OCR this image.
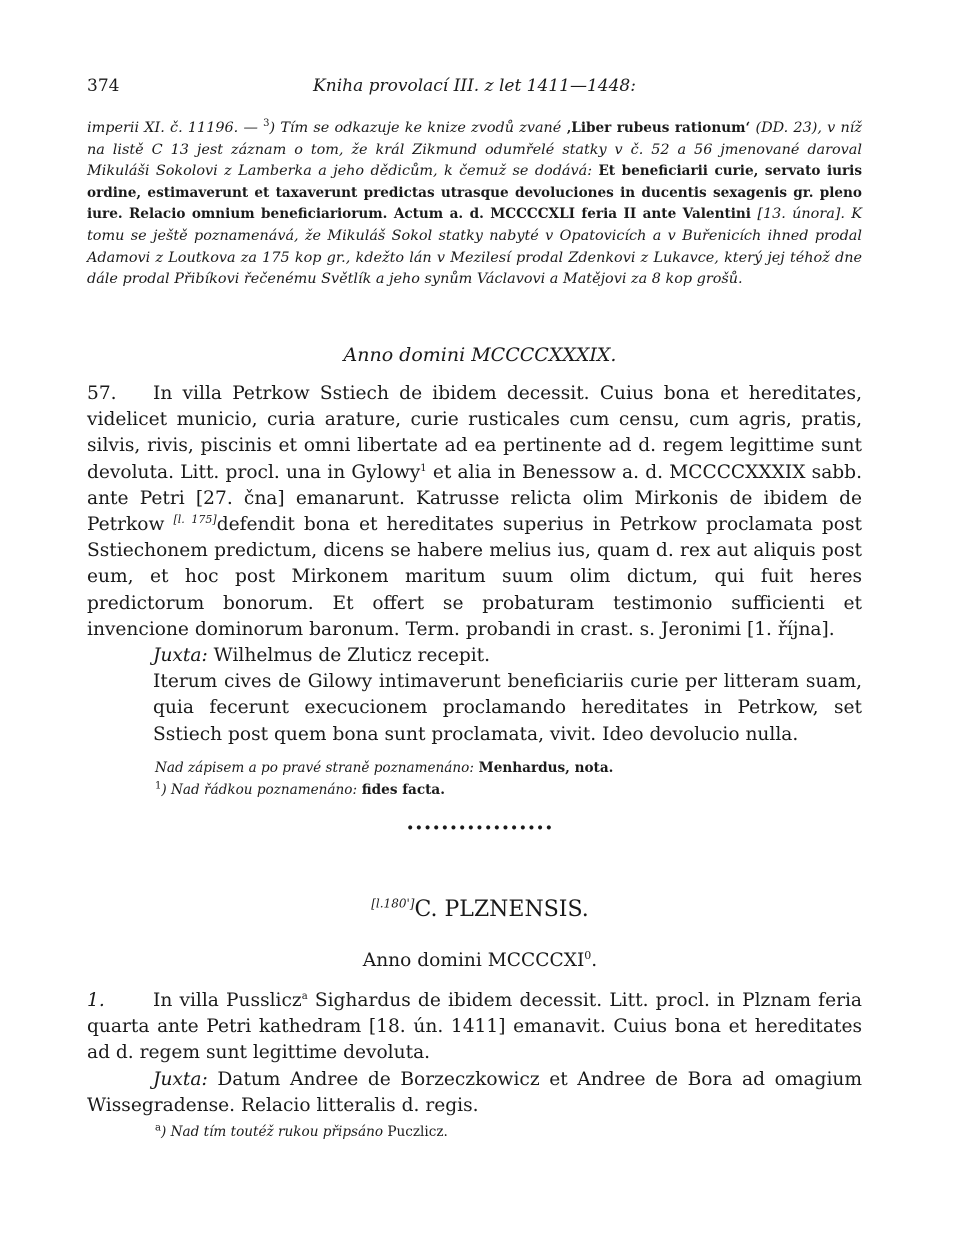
374	Kniha provolací III. z let 1411—1448:

imperii XI. č. 11196. — $^3$) Tím se odkazuje ke knize zvodů zvané ‚Liber rubeus rationum‘ (DD. 23), v níž na listě C 13 jest záznam o tom, že král Zikmund odumřelé statky v č. 52 a 56 jmenované daroval Mikuláši Sokolovi z Lamberka a jeho dědicům, k čemuž se dodává: Et beneficiarii curie, servato iuris ordine, estimaverunt et taxaverunt predictas utrasque devoluciones in ducentis sexagenis gr. pleno iure. Relacio omnium beneficiariorum. Actum a. d. MCCCCXLI feria II ante Valentini [13. února]. K tomu se ještě poznamenává, že Mikuláš Sokol statky nabyté v Opatovicích a v Buřenicích ihned prodal Adamovi z Loutkova za 175 kop gr., kdežto lán v Mezilesí prodal Zdenkovi z Lukavce, který jej téhož dne dále prodal Přibíkovi řečenému Světlík a jeho synům Václavovi a Matějovi za 8 kop grošů.

Anno domini MCCCCXXXIX.

57. In villa Petrkow Sstiech de ibidem decessit. Cuius bona et hereditates, videlicet municio, curia arature, curie rusticales cum censu, cum agris, pratis, silvis, rivis, piscinis et omni libertate ad ea pertinente ad d. regem legittime sunt devoluta. Litt. procl. una in Gylowy$^1$ et alia in Benessow a. d. MCCCCXXXIX sabb. ante Petri [27. čna] emanarunt. Katrusse relicta olim Mirkonis de ibidem de Petrkow [l. 175]defendit bona et hereditates superius in Petrkow proclamata post Sstiechonem predictum, dicens se habere melius ius, quam d. rex aut aliquis post eum, et hoc post Mirkonem maritum suum olim dictum, qui fuit heres predictorum bonorum. Et offert se probaturam testimonio sufficienti et invencione dominorum baronum. Term. probandi in crast. s. Jeronimi [1. října].

Juxta: Wilhelmus de Zluticz recepit.

Iterum cives de Gilowy intimaverunt beneficiariis curie per litteram suam, quia fecerunt execucionem proclamando hereditates in Petrkow, set Sstiech post quem bona sunt proclamata, vivit. Ideo devolucio nulla.

Nad zápisem a po pravé straně poznamenáno: Menhardus, nota.
$^1$) Nad řádkou poznamenáno: fides facta.
·················
[l.180']C. PLZNENSIS.
Anno domini MCCCCXI$^0$.

1.	In villa Pusslicz$^a$ Sighardus de ibidem decessit. Litt. procl. in Plznam feria quarta ante Petri kathedram [18. ún. 1411] emanavit. Cuius bona et hereditates ad d. regem sunt legittime devoluta.

Juxta: Datum Andree de Borzeczkowicz et Andree de Bora ad omagium Wissegradense. Relacio litteralis d. regis.

$^a$) Nad tím toutéž rukou připsáno Puczlicz.
